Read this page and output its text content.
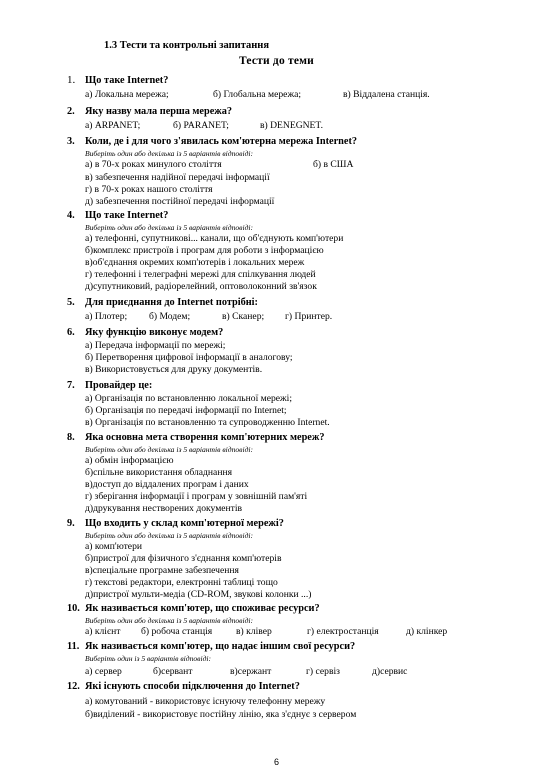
1.3 Тести та контрольні запитання
Тести до теми
1. Що таке Internet?
а) Локальна мережа;	б) Глобальна мережа;	в) Віддалена станція.
2. Яку назву мала перша мережа?
а) ARPANET;	б) PARANET;	в) DENEGNET.
3. Коли, де і для чого з'явилась ком'ютерна мережа Internet?
Виберіть один або декілька із 5 варіантів відповіді:
а) в 70-х роках минулого століття	б) в США
в) забезпечення надійної передачі інформації
г) в 70-х роках нашого століття
д) забезпечення постійної передачі інформації
4. Що таке Internet?
Виберіть один або декілька із 5 варіантів відповіді:
а) телефонні, супутникові... канали, що об'єднують комп'ютери
б)комплекс пристроїв і програм для роботи з інформацією
в)об'єднання окремих комп'ютерів і локальних мереж
г) телефонні і телеграфні мережі для спілкування людей
д)супутниковий, радіорелейний, оптоволоконний зв'язок
5. Для приєднання до Internet потрібні:
а) Плотер;	б) Модем;	в) Сканер;	г) Принтер.
6. Яку функцію виконує модем?
а) Передача інформації по мережі;
б) Перетворення цифрової інформації в аналогову;
в) Використовується для друку документів.
7. Провайдер це:
а) Організація по встановленню локальної мережі;
б) Організація по передачі інформації по Internet;
в) Організація по встановленню та супроводженню Internet.
8. Яка основна мета створення комп'ютерних мереж?
Виберіть один або декілька із 5 варіантів відповіді:
а) обмін інформацією
б)спільне використання обладнання
в)доступ до віддалених програм і даних
г) зберігання інформації і програм у зовнішній пам'яті
д)друкування нестворених документів
9. Що входить у склад комп'ютерної мережі?
Виберіть один або декілька із 5 варіантів відповіді:
а) комп'ютери
б)пристрої для фізичного з'єднання комп'ютерів
в)спеціальне програмне забезпечення
г) текстові редактори, електронні таблиці тощо
д)пристрої мульти-медіа (CD-ROM, звукові колонки ...)
10. Як називається комп'ютер, що споживає ресурси?
Виберіть один або декілька із 5 варіантів відповіді:
а) клієнт	б) робоча станція	в) клівер	г) електростанція	д) клінкер
11. Як називається комп'ютер, що надає іншим свої ресурси?
Виберіть один із 5 варіантів відповіді:
а) сервер	б)сервант	в)сержант	г) сервіз	д)сервис
12. Які існують способи підключення до Internet?
а) комутований - використовує існуючу телефонну мережу
б)виділений - використовує постійну лінію, яка з'єднує з сервером
6
